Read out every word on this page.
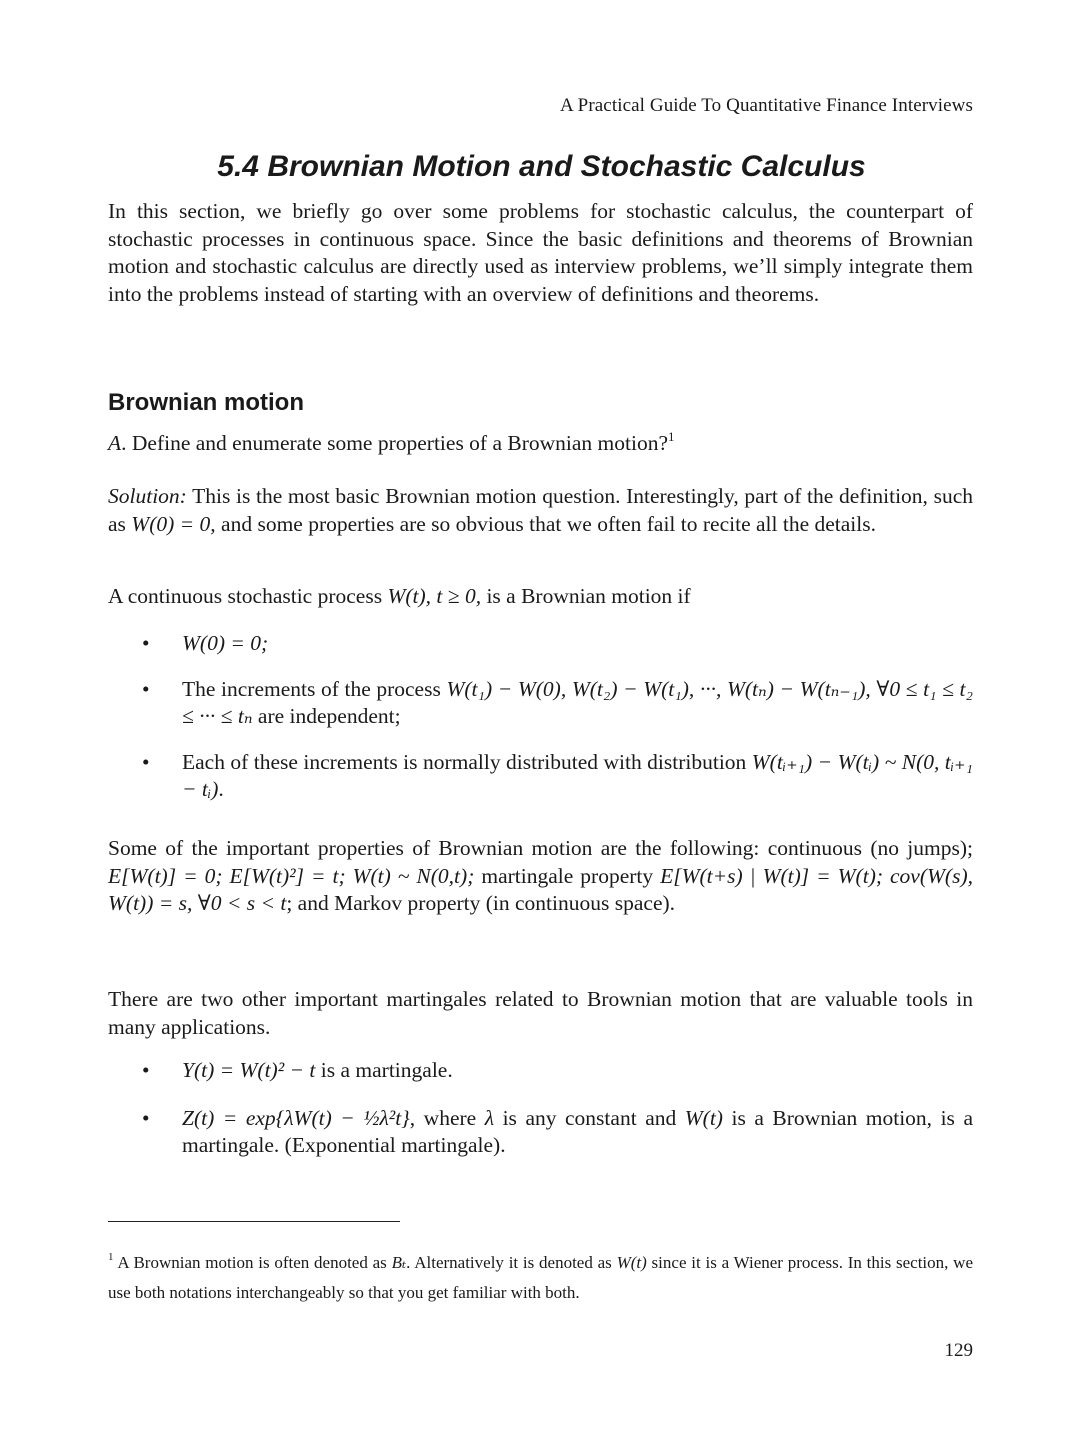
A Practical Guide To Quantitative Finance Interviews
5.4 Brownian Motion and Stochastic Calculus
In this section, we briefly go over some problems for stochastic calculus, the counterpart of stochastic processes in continuous space. Since the basic definitions and theorems of Brownian motion and stochastic calculus are directly used as interview problems, we’ll simply integrate them into the problems instead of starting with an overview of definitions and theorems.
Brownian motion
A. Define and enumerate some properties of a Brownian motion?$^1$
Solution: This is the most basic Brownian motion question. Interestingly, part of the definition, such as W(0) = 0, and some properties are so obvious that we often fail to recite all the details.
A continuous stochastic process W(t), t ≥ 0, is a Brownian motion if
• W(0) = 0;
• The increments of the process W(t₁) − W(0), W(t₂) − W(t₁), ···, W(tₙ) − W(tₙ₋₁), ∀0 ≤ t₁ ≤ t₂ ≤ ··· ≤ tₙ are independent;
• Each of these increments is normally distributed with distribution W(tᵢ₊₁) − W(tᵢ) ~ N(0, tᵢ₊₁ − tᵢ).
Some of the important properties of Brownian motion are the following: continuous (no jumps); E[W(t)] = 0; E[W(t)²] = t; W(t) ~ N(0,t); martingale property E[W(t+s) | W(t)] = W(t); cov(W(s), W(t)) = s, ∀0 < s < t; and Markov property (in continuous space).
There are two other important martingales related to Brownian motion that are valuable tools in many applications.
• Y(t) = W(t)² − t is a martingale.
• Z(t) = exp{λW(t) − ½λ²t}, where λ is any constant and W(t) is a Brownian motion, is a martingale. (Exponential martingale).
$^1$ A Brownian motion is often denoted as Bₜ. Alternatively it is denoted as W(t) since it is a Wiener process. In this section, we use both notations interchangeably so that you get familiar with both.
129
